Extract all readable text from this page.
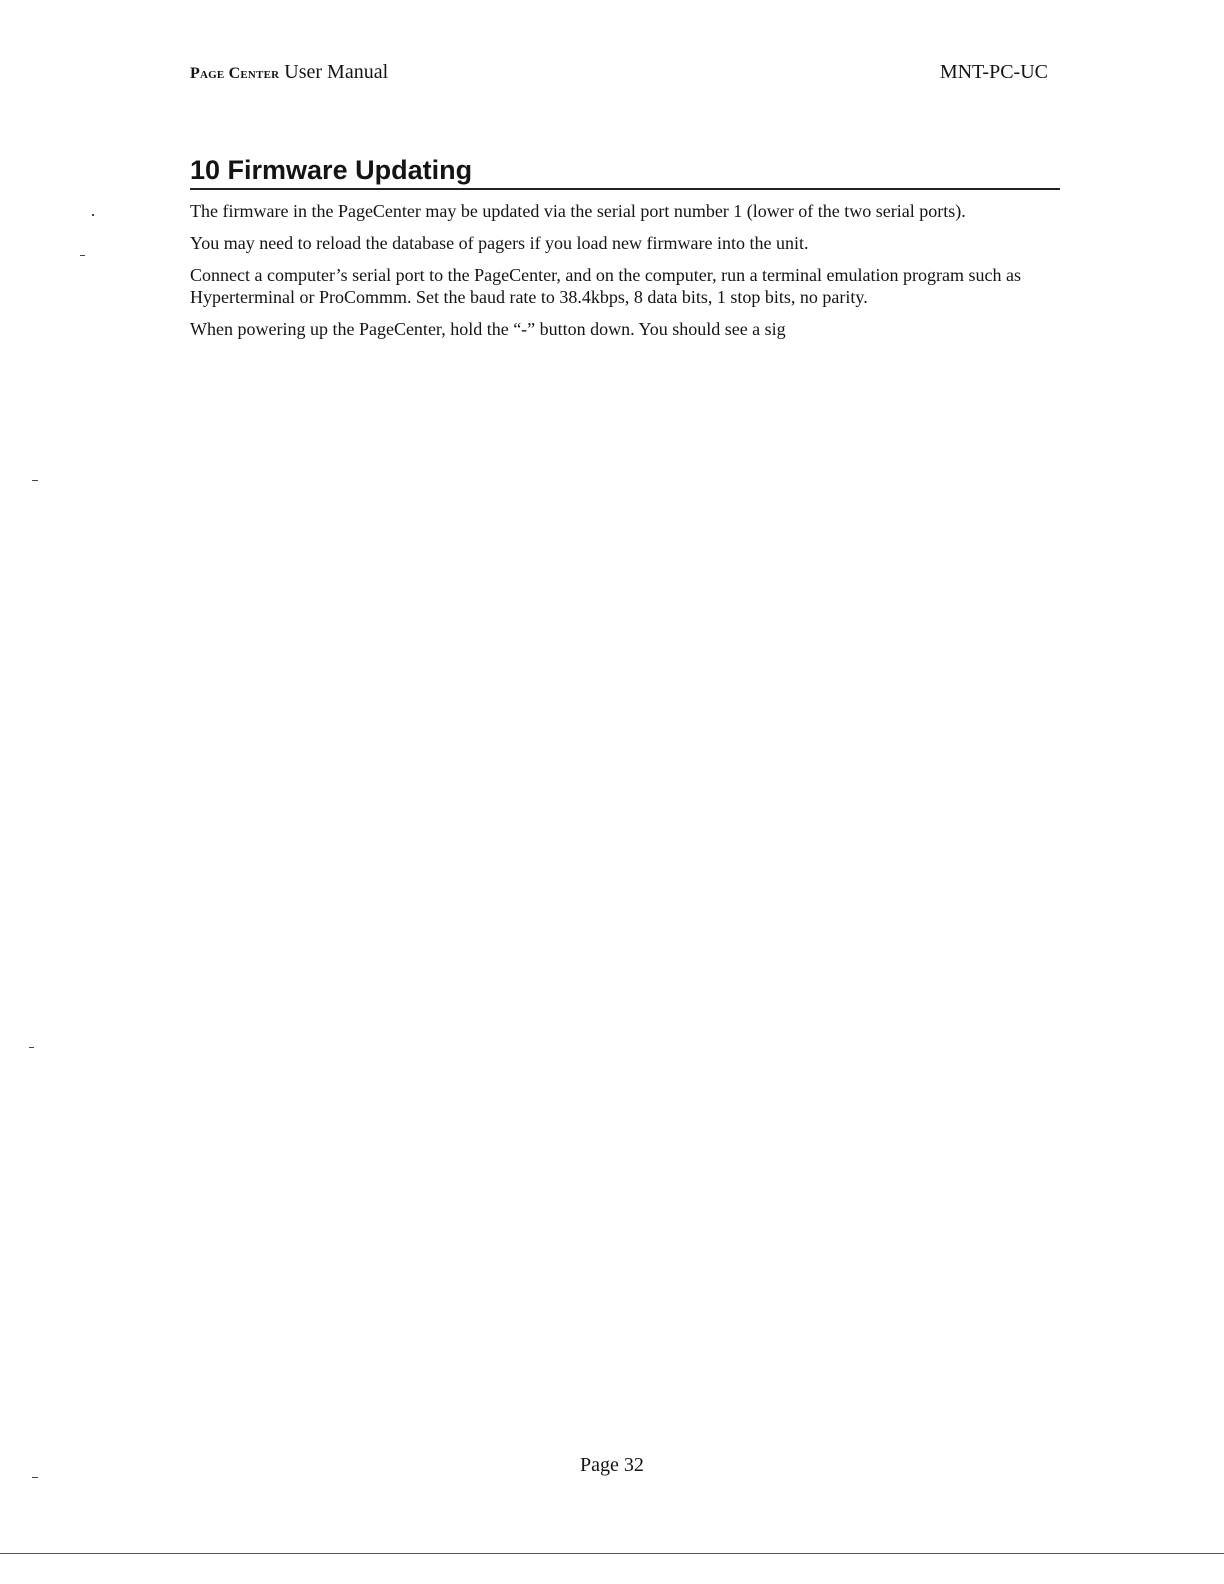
Page Center User Manual	MNT-PC-UC
10 Firmware Updating

The firmware in the PageCenter may be updated via the serial port number 1 (lower of the two serial ports).

You may need to reload the database of pagers if you load new firmware into the unit.

Connect a computer’s serial port to the PageCenter, and on the computer, run a terminal emulation program such as Hyperterminal or ProCommm. Set the baud rate to 38.4kbps, 8 data bits, 1 stop bits, no parity.

When powering up the PageCenter, hold the “-” button down. You should see a sig

Page 32
